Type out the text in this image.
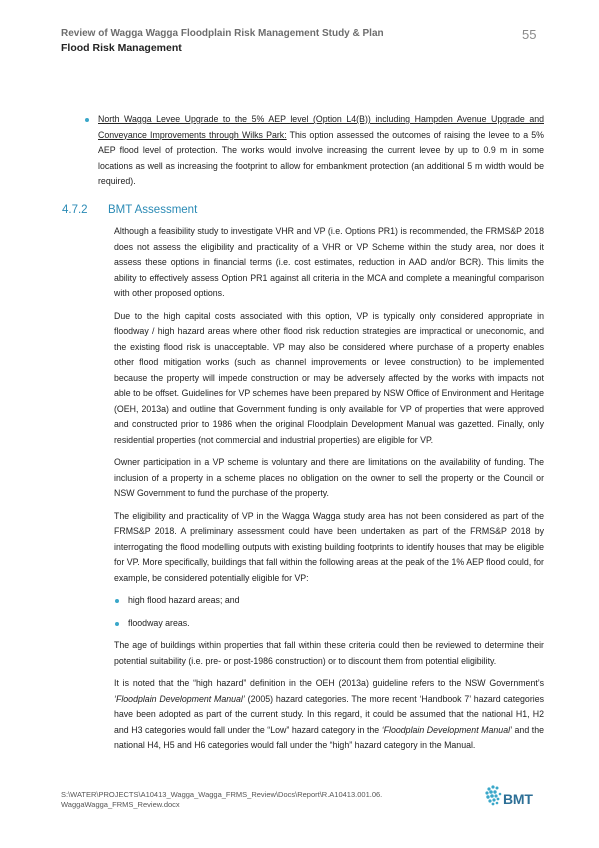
Review of Wagga Wagga Floodplain Risk Management Study & Plan
Flood Risk Management
55
North Wagga Levee Upgrade to the 5% AEP level (Option L4(B)) including Hampden Avenue Upgrade and Conveyance Improvements through Wilks Park: This option assessed the outcomes of raising the levee to a 5% AEP flood level of protection. The works would involve increasing the current levee by up to 0.9 m in some locations as well as increasing the footprint to allow for embankment protection (an additional 5 m width would be required).
4.7.2 BMT Assessment

Although a feasibility study to investigate VHR and VP (i.e. Options PR1) is recommended, the FRMS&P 2018 does not assess the eligibility and practicality of a VHR or VP Scheme within the study area, nor does it assess these options in financial terms (i.e. cost estimates, reduction in AAD and/or BCR). This limits the ability to effectively assess Option PR1 against all criteria in the MCA and complete a meaningful comparison with other proposed options.

Due to the high capital costs associated with this option, VP is typically only considered appropriate in floodway / high hazard areas where other flood risk reduction strategies are impractical or uneconomic, and the existing flood risk is unacceptable. VP may also be considered where purchase of a property enables other flood mitigation works (such as channel improvements or levee construction) to be implemented because the property will impede construction or may be adversely affected by the works with impacts not able to be offset. Guidelines for VP schemes have been prepared by NSW Office of Environment and Heritage (OEH, 2013a) and outline that Government funding is only available for VP of properties that were approved and constructed prior to 1986 when the original Floodplain Development Manual was gazetted. Finally, only residential properties (not commercial and industrial properties) are eligible for VP.

Owner participation in a VP scheme is voluntary and there are limitations on the availability of funding. The inclusion of a property in a scheme places no obligation on the owner to sell the property or the Council or NSW Government to fund the purchase of the property.

The eligibility and practicality of VP in the Wagga Wagga study area has not been considered as part of the FRMS&P 2018. A preliminary assessment could have been undertaken as part of the FRMS&P 2018 by interrogating the flood modelling outputs with existing building footprints to identify houses that may be eligible for VP. More specifically, buildings that fall within the following areas at the peak of the 1% AEP flood could, for example, be considered potentially eligible for VP:

high flood hazard areas; and
floodway areas.

The age of buildings within properties that fall within these criteria could then be reviewed to determine their potential suitability (i.e. pre- or post-1986 construction) or to discount them from potential eligibility.

It is noted that the “high hazard” definition in the OEH (2013a) guideline refers to the NSW Government’s ‘Floodplain Development Manual’ (2005) hazard categories. The more recent ‘Handbook 7’ hazard categories have been adopted as part of the current study. In this regard, it could be assumed that the national H1, H2 and H3 categories would fall under the “Low” hazard category in the ‘Floodplain Development Manual’ and the national H4, H5 and H6 categories would fall under the “high” hazard category in the Manual.

S:\WATER\PROJECTS\A10413_Wagga_Wagga_FRMS_Review\Docs\Report\R.A10413.001.06.
WaggaWagga_FRMS_Review.docx	BMT
